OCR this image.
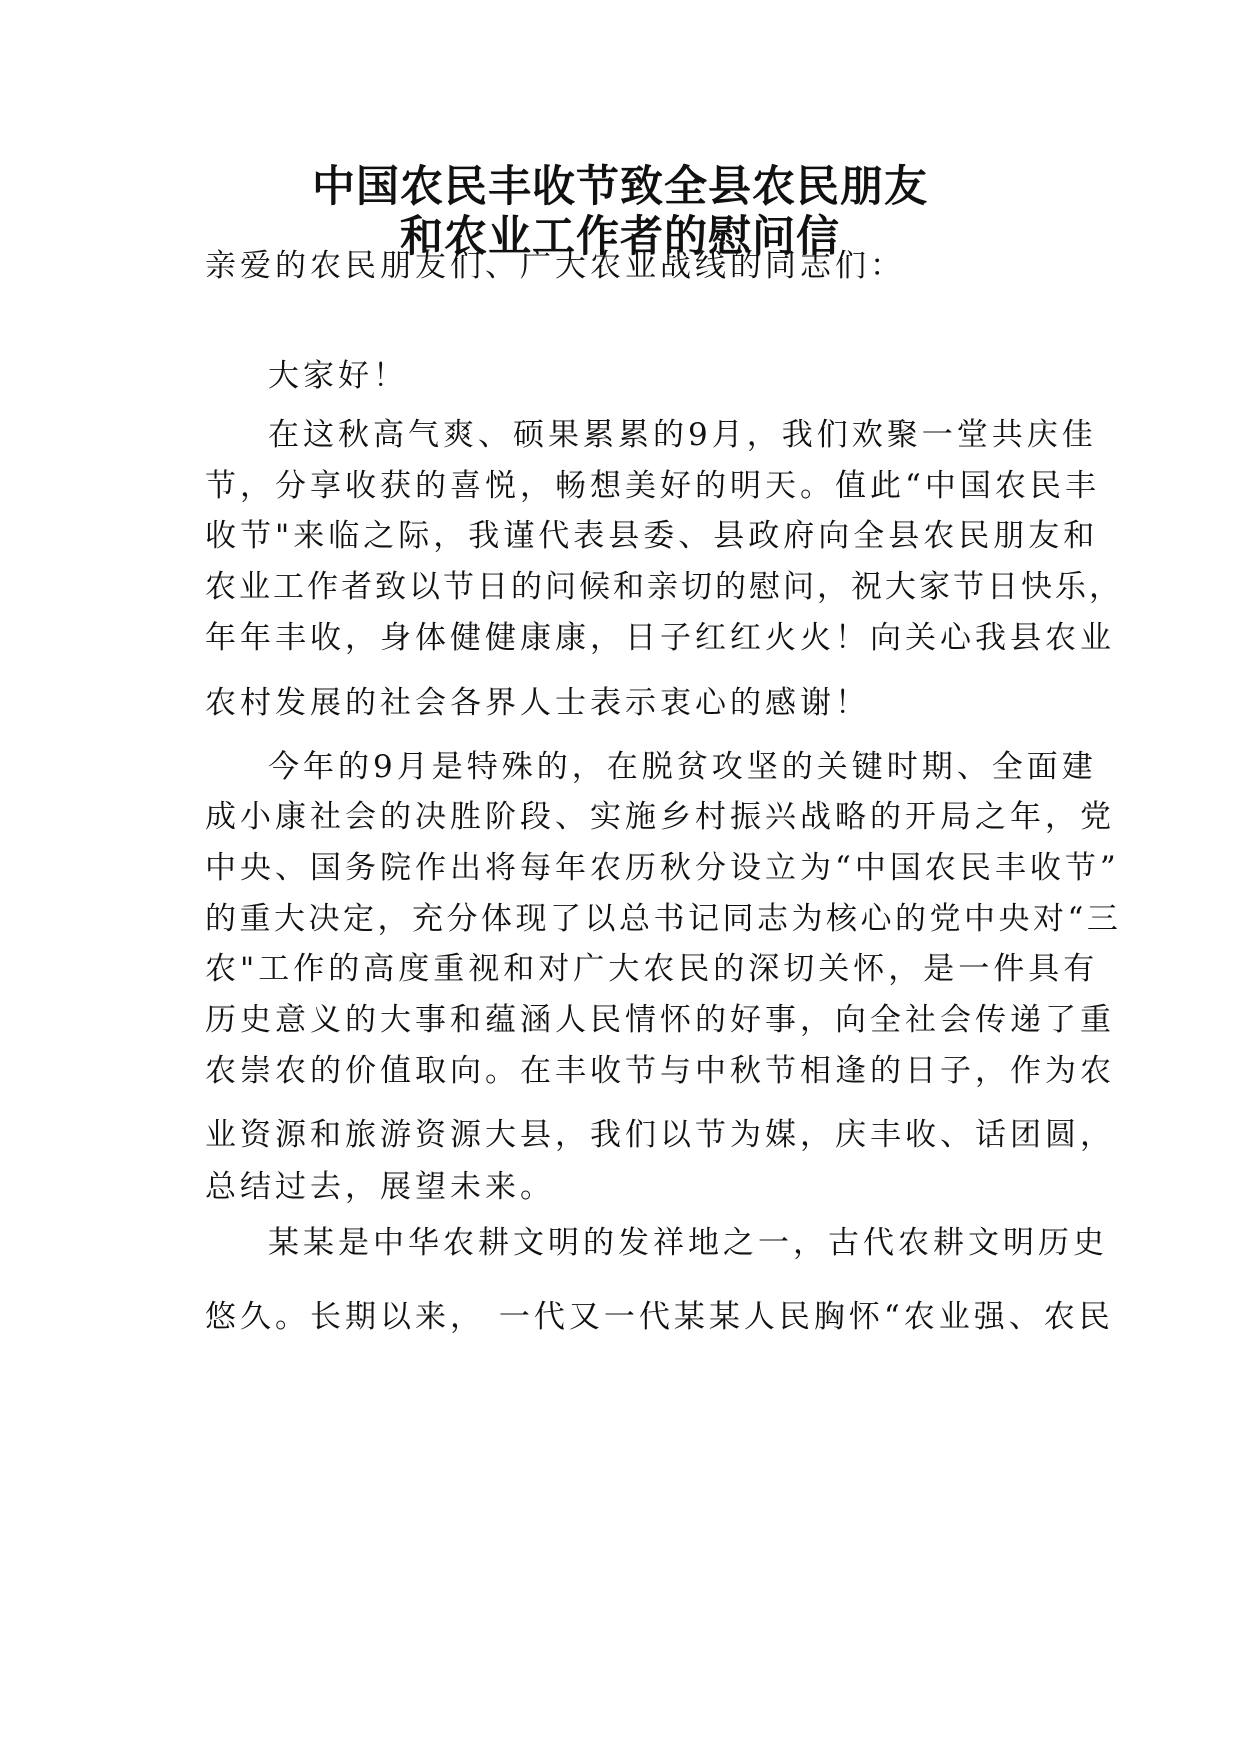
中国农民丰收节致全县农民朋友
和农业工作者的慰问信
亲爱的农民朋友们、广大农业战线的同志们：
大家好！
在这秋高气爽、硕果累累的9月，我们欢聚一堂共庆佳
节，分享收获的喜悦，畅想美好的明天。值此“中国农民丰
收节"来临之际，我谨代表县委、县政府向全县农民朋友和
农业工作者致以节日的问候和亲切的慰问，祝大家节日快乐，
年年丰收，身体健健康康，日子红红火火！向关心我县农业
农村发展的社会各界人士表示衷心的感谢！
今年的9月是特殊的，在脱贫攻坚的关键时期、全面建
成小康社会的决胜阶段、实施乡村振兴战略的开局之年，党
中央、国务院作出将每年农历秋分设立为“中国农民丰收节”
的重大决定，充分体现了以总书记同志为核心的党中央对“三
农"工作的高度重视和对广大农民的深切关怀，是一件具有
历史意义的大事和蕴涵人民情怀的好事，向全社会传递了重
农崇农的价值取向。在丰收节与中秋节相逢的日子，作为农
业资源和旅游资源大县，我们以节为媒，庆丰收、话团圆，
总结过去，展望未来。
某某是中华农耕文明的发祥地之一，古代农耕文明历史
悠久。长期以来， 一代又一代某某人民胸怀“农业强、农民
